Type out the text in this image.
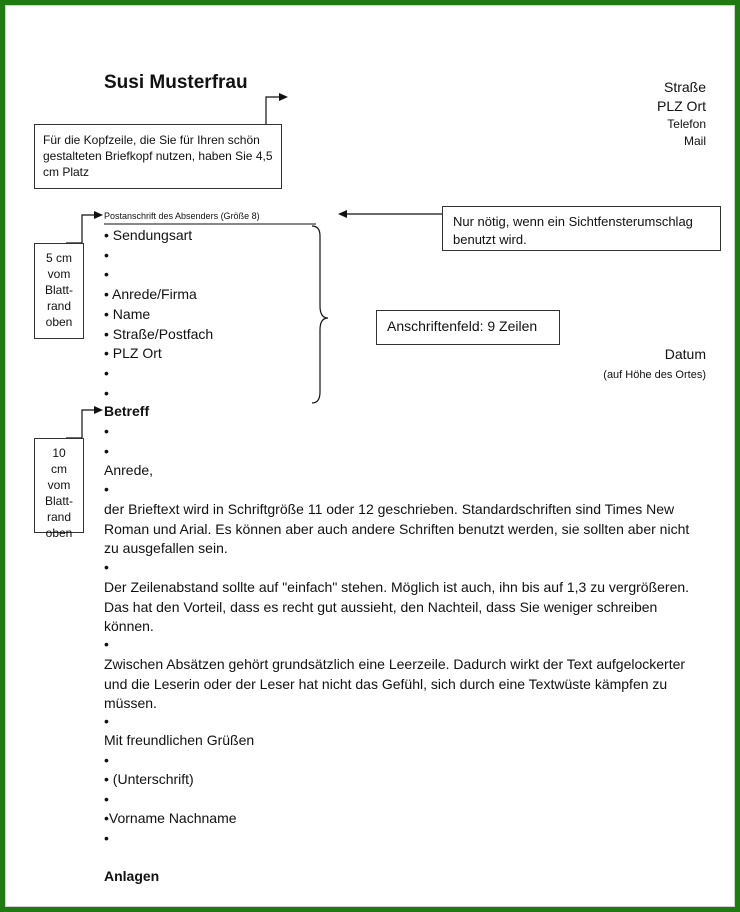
Susi Musterfrau	Straße
PLZ Ort
Telefon
Mail
Für die Kopfzeile, die Sie für Ihren schön gestalteten Briefkopf nutzen, haben Sie 4,5 cm Platz
Postanschrift des Absenders (Größe 8)	Nur nötig, wenn ein Sichtfensterumschlag benutzt wird.
5 cm vom Blatt-rand oben
• Sendungsart
•
•
• Anrede/Firma
• Name
• Straße/Postfach
• PLZ Ort
•
•
Anschriftenfeld: 9 Zeilen
Datum
(auf Höhe des Ortes)
10 cm vom Blatt-rand oben
Betreff
•
•
Anrede,
•
der Brieftext wird in Schriftgröße 11 oder 12 geschrieben. Standardschriften sind Times New Roman und Arial. Es können aber auch andere Schriften benutzt werden, sie sollten aber nicht zu ausgefallen sein.
•
Der Zeilenabstand sollte auf "einfach" stehen. Möglich ist auch, ihn bis auf 1,3 zu vergrößeren. Das hat den Vorteil, dass es recht gut aussieht, den Nachteil, dass Sie weniger schreiben können.
•
Zwischen Absätzen gehört grundsätzlich eine Leerzeile. Dadurch wirkt der Text aufgelockerter und die Leserin oder der Leser hat nicht das Gefühl, sich durch eine Textwüste kämpfen zu müssen.
•
Mit freundlichen Grüßen
•
• (Unterschrift)
•
•Vorname Nachname
•
Anlagen
